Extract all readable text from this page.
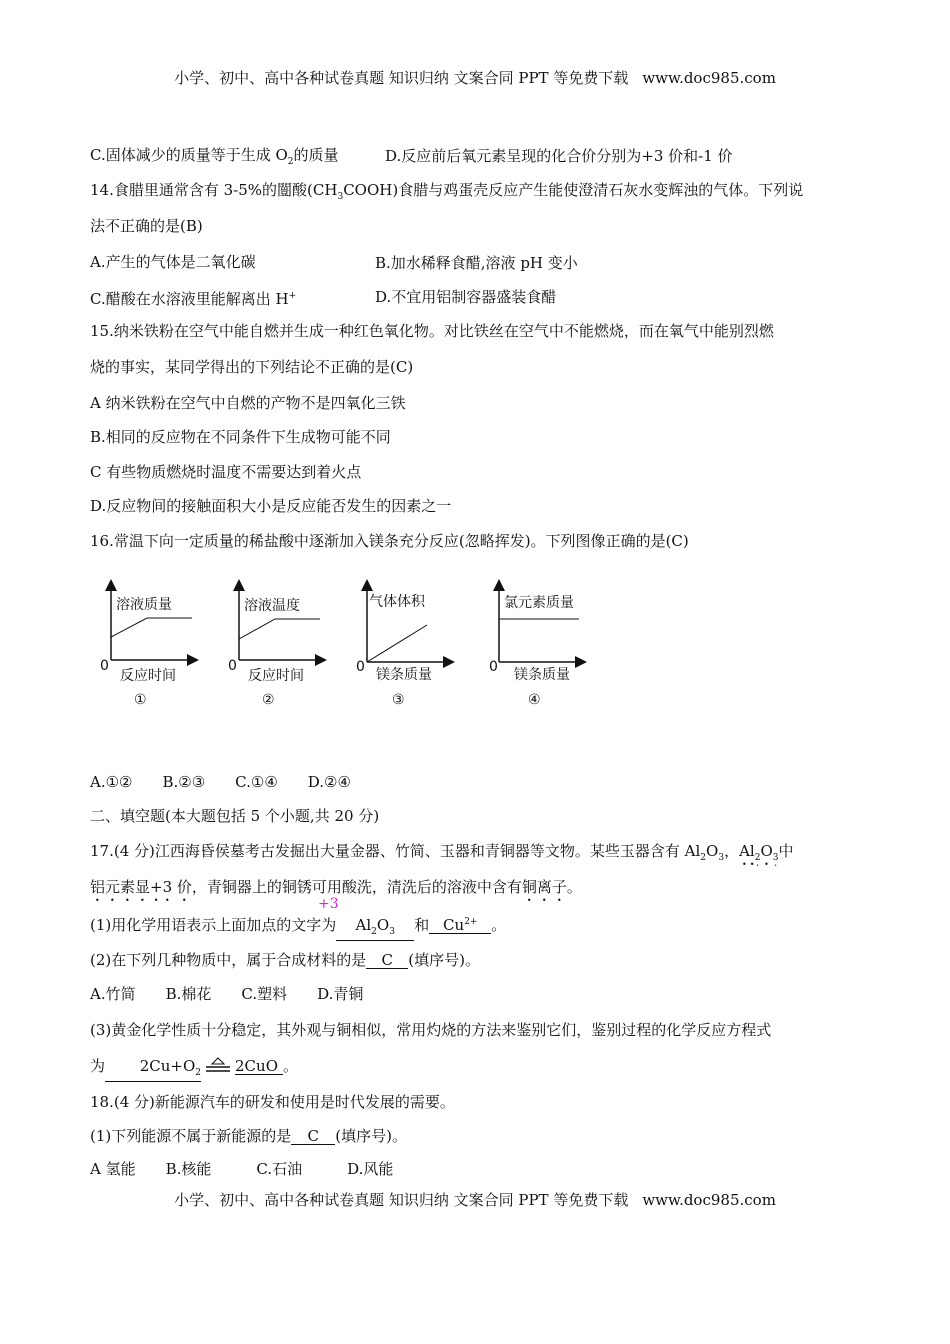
小学、初中、高中各种试卷真题 知识归纳 文案合同 PPT 等免费下载 www.doc985.com
C.固体减少的质量等于生成 $O_2$的质量	D.反应前后氧元素呈现的化合价分别为+3 价和-1 价
14.食腊里通常含有 3-5%的闓酸$(CH_3COOH)$食腊与鸡蛋壳反应产生能使澄清石灰水变辉浊的气体。下列说
法不正确的是(B)
A.产生的气体是二氧化碳	B.加水稀释食醋,溶液 pH 变小
C.醋酸在水溶液里能解离出 H+	D.不宜用铝制容器盛装食醋
15.纳米铁粉在空气中能自燃并生成一种红色氧化物。对比铁丝在空气中不能燃烧，而在氧气中能别烈燃
烧的事实，某同学得出的下列结论不正确的是(C)
A 纳米铁粉在空气中自燃的产物不是四氧化三铁
B.相同的反应物在不同条件下生成物可能不同
C 有些物质燃烧时温度不需要达到着火点
D.反应物间的接触面积大小是反应能否发生的因素之一
16.常温下向一定质量的稀盐酸中逐渐加入镁条充分反应(忽略挥发)。下列图像正确的是(C)
溶液质量
0
反应时间
①
溶液温度
0
反应时间
②
气体体积
0 镁条质量
③
氯元素质量
0 镁条质量
④
A.①②　　B.②③　　C.①④　　D.②④
二、填空题(本大题包括 5 个小题,共 20 分)
17.(4 分)江西海昏侯墓考古发掘出大量金器、竹简、玉器和青铜器等文物。某些玉器含有 $Al_2O_3$，$Al_2O_3$中
铝元素显+3 价，青铜器上的铜锈可用酸洗，清洗后的溶液中含有铜离子。
+3
(1)用化学用语表示上面加点的文字为 $Al_2O_3$ 和 $Cu^{2+}$ 。
(2)在下列几种物质中，属于合成材料的是 C (填序号)。
A.竹简　　B.棉花　　C.塑料　　D.青铜
(3)黄金化学性质十分稳定，其外观与铜相似，常用灼烧的方法来鉴别它们，鉴别过程的化学反应方程式
为 $2Cu+O_2$ 2CuO 。
18.(4 分)新能源汽车的研发和使用是时代发展的需要。
(1)下列能源不属于新能源的是 C (填序号)。
A 氢能　　B.核能　　　C.石油　　　D.风能
小学、初中、高中各种试卷真题 知识归纳 文案合同 PPT 等免费下载 www.doc985.com
